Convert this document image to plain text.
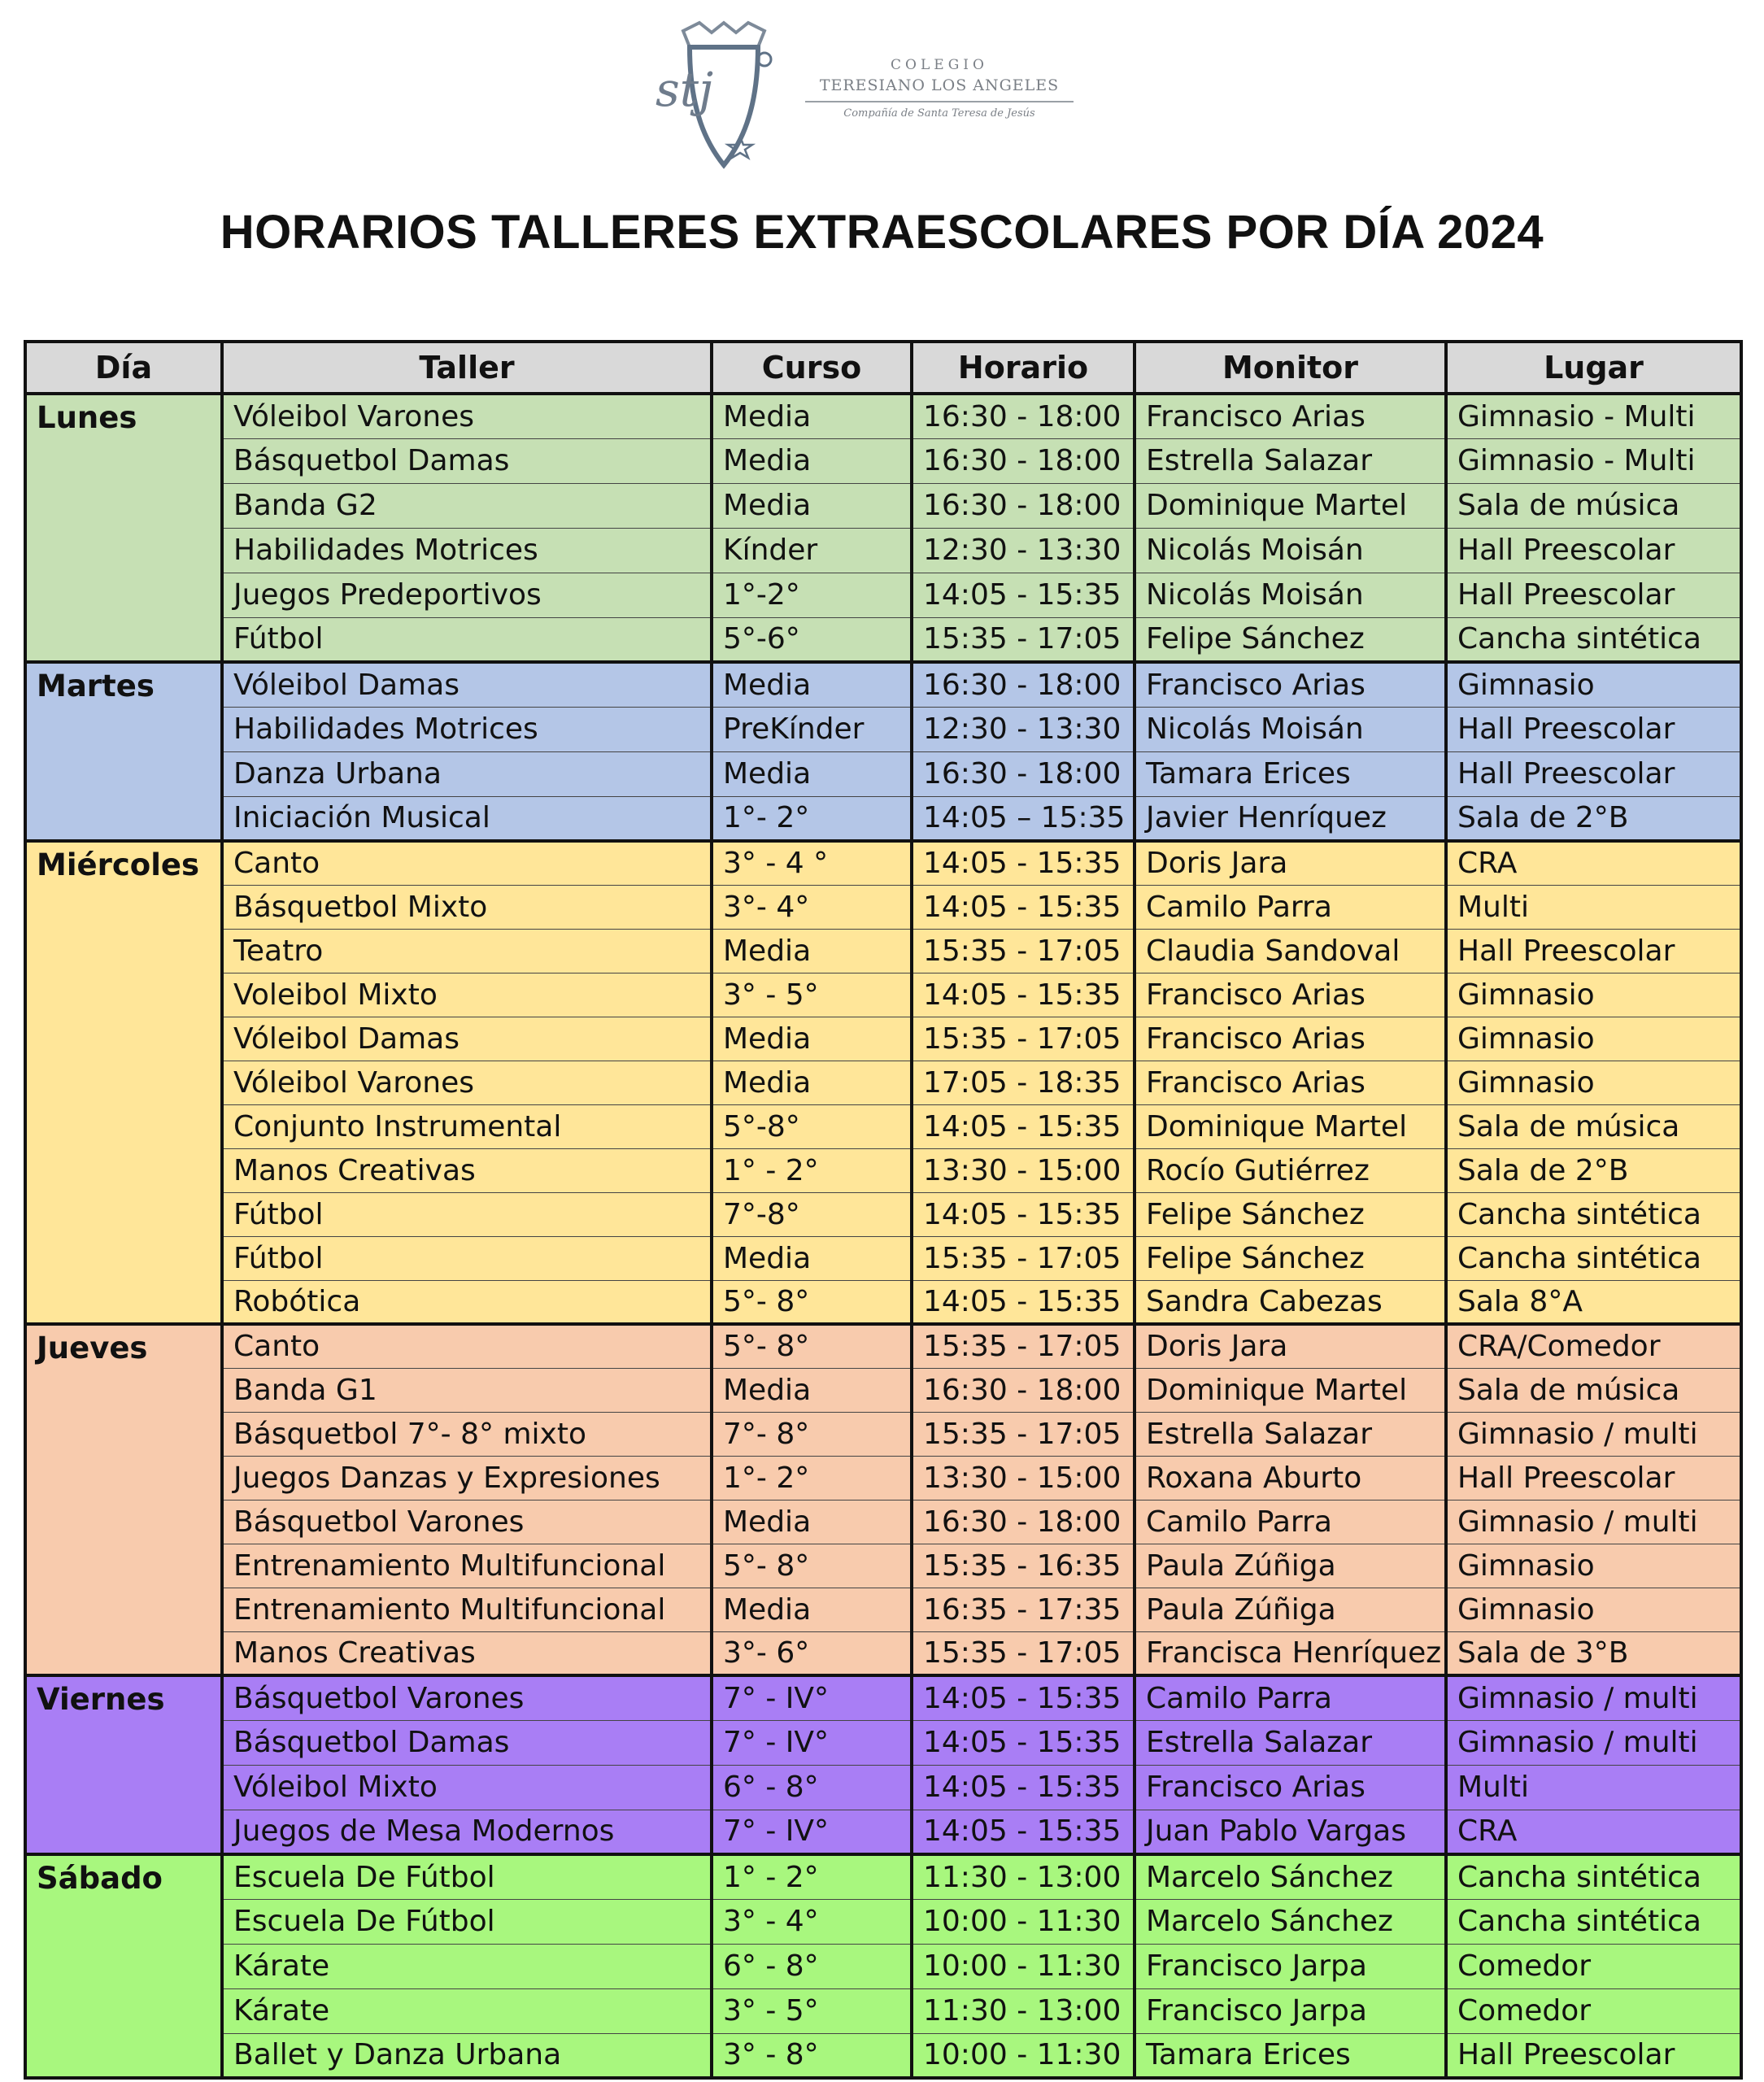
stj	COLEGIO
TERESIANO LOS ANGELES
Compañía de Santa Teresa de Jesús
HORARIOS TALLERES EXTRAESCOLARES POR DÍA 2024
Día	Taller	Curso	Horario	Monitor	Lugar
Lunes	Vóleibol Varones	Media	16:30 - 18:00	Francisco Arias	Gimnasio - Multi
	Básquetbol Damas	Media	16:30 - 18:00	Estrella Salazar	Gimnasio - Multi
	Banda G2	Media	16:30 - 18:00	Dominique Martel	Sala de música
	Habilidades Motrices	Kínder	12:30 - 13:30	Nicolás Moisán	Hall Preescolar
	Juegos Predeportivos	1°-2°	14:05 - 15:35	Nicolás Moisán	Hall Preescolar
	Fútbol	5°-6°	15:35 - 17:05	Felipe Sánchez	Cancha sintética
Martes	Vóleibol Damas	Media	16:30 - 18:00	Francisco Arias	Gimnasio
	Habilidades Motrices	PreKínder	12:30 - 13:30	Nicolás Moisán	Hall Preescolar
	Danza Urbana	Media	16:30 - 18:00	Tamara Erices	Hall Preescolar
	Iniciación Musical	1°- 2°	14:05 – 15:35	Javier Henríquez	Sala de 2°B
Miércoles	Canto	3° - 4 °	14:05 - 15:35	Doris Jara	CRA
	Básquetbol Mixto	3°- 4°	14:05 - 15:35	Camilo Parra	Multi
	Teatro	Media	15:35 - 17:05	Claudia Sandoval	Hall Preescolar
	Voleibol Mixto	3° - 5°	14:05 - 15:35	Francisco Arias	Gimnasio
	Vóleibol Damas	Media	15:35 - 17:05	Francisco Arias	Gimnasio
	Vóleibol Varones	Media	17:05 - 18:35	Francisco Arias	Gimnasio
	Conjunto Instrumental	5°-8°	14:05 - 15:35	Dominique Martel	Sala de música
	Manos Creativas	1° - 2°	13:30 - 15:00	Rocío Gutiérrez	Sala de 2°B
	Fútbol	7°-8°	14:05 - 15:35	Felipe Sánchez	Cancha sintética
	Fútbol	Media	15:35 - 17:05	Felipe Sánchez	Cancha sintética
	Robótica	5°- 8°	14:05 - 15:35	Sandra Cabezas	Sala 8°A
Jueves	Canto	5°- 8°	15:35 - 17:05	Doris Jara	CRA/Comedor
	Banda G1	Media	16:30 - 18:00	Dominique Martel	Sala de música
	Básquetbol 7°- 8° mixto	7°- 8°	15:35 - 17:05	Estrella Salazar	Gimnasio / multi
	Juegos Danzas y Expresiones	1°- 2°	13:30 - 15:00	Roxana Aburto	Hall Preescolar
	Básquetbol Varones	Media	16:30 - 18:00	Camilo Parra	Gimnasio / multi
	Entrenamiento Multifuncional	5°- 8°	15:35 - 16:35	Paula Zúñiga	Gimnasio
	Entrenamiento Multifuncional	Media	16:35 - 17:35	Paula Zúñiga	Gimnasio
	Manos Creativas	3°- 6°	15:35 - 17:05	Francisca Henríquez	Sala de 3°B
Viernes	Básquetbol Varones	7° - IV°	14:05 - 15:35	Camilo Parra	Gimnasio / multi
	Básquetbol Damas	7° - IV°	14:05 - 15:35	Estrella Salazar	Gimnasio / multi
	Vóleibol Mixto	6° - 8°	14:05 - 15:35	Francisco Arias	Multi
	Juegos de Mesa Modernos	7° - IV°	14:05 - 15:35	Juan Pablo Vargas	CRA
Sábado	Escuela De Fútbol	1° - 2°	11:30 - 13:00	Marcelo Sánchez	Cancha sintética
	Escuela De Fútbol	3° - 4°	10:00 - 11:30	Marcelo Sánchez	Cancha sintética
	Kárate	6° - 8°	10:00 - 11:30	Francisco Jarpa	Comedor
	Kárate	3° - 5°	11:30 - 13:00	Francisco Jarpa	Comedor
	Ballet y Danza Urbana	3° - 8°	10:00 - 11:30	Tamara Erices	Hall Preescolar
